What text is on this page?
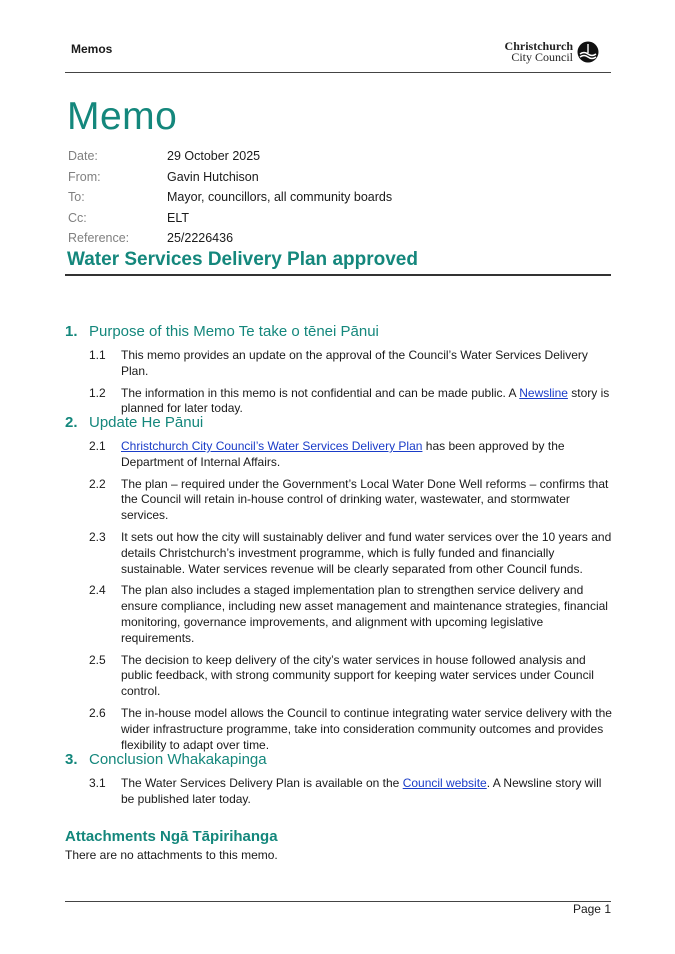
Memos	Christchurch
City Council
Memo
Date:	29 October 2025
From:	Gavin Hutchison
To:	Mayor, councillors, all community boards
Cc:	ELT
Reference:	25/2226436
Water Services Delivery Plan approved
1. Purpose of this Memo Te take o tēnei Pānui
1.1	This memo provides an update on the approval of the Council’s Water Services Delivery Plan.
1.2	The information in this memo is not confidential and can be made public. A Newsline story is planned for later today.
2. Update He Pānui
2.1	Christchurch City Council’s Water Services Delivery Plan has been approved by the Department of Internal Affairs.
2.2	The plan – required under the Government’s Local Water Done Well reforms – confirms that the Council will retain in-house control of drinking water, wastewater, and stormwater services.
2.3	It sets out how the city will sustainably deliver and fund water services over the 10 years and details Christchurch’s investment programme, which is fully funded and financially sustainable. Water services revenue will be clearly separated from other Council funds.
2.4	The plan also includes a staged implementation plan to strengthen service delivery and ensure compliance, including new asset management and maintenance strategies, financial monitoring, governance improvements, and alignment with upcoming legislative requirements.
2.5	The decision to keep delivery of the city’s water services in house followed analysis and public feedback, with strong community support for keeping water services under Council control.
2.6	The in-house model allows the Council to continue integrating water service delivery with the wider infrastructure programme, take into consideration community outcomes and provides flexibility to adapt over time.
3. Conclusion Whakakapinga
3.1	The Water Services Delivery Plan is available on the Council website. A Newsline story will be published later today.
Attachments Ngā Tāpirihanga
There are no attachments to this memo.
Page 1
